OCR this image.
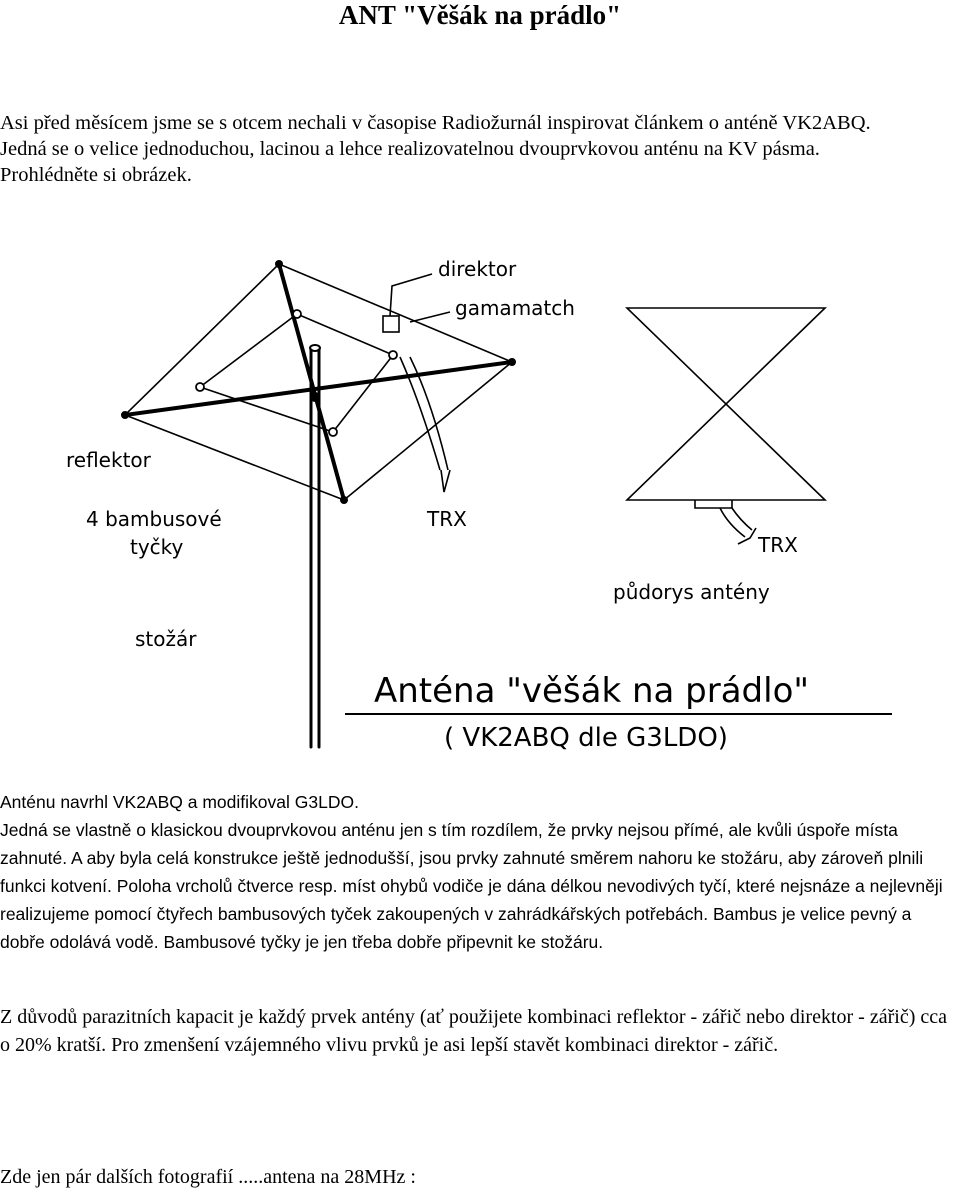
ANT "Věšák na prádlo"

Asi před měsícem jsme se s otcem nechali v časopise Radiožurnál inspirovat článkem o anténě VK2ABQ.

Jedná se o velice jednoduchou, lacinou a lehce realizovatelnou dvouprvkovou anténu na KV pásma.

Prohlédněte si obrázek.

direktor
gamamatch
reflektor
4 bambusové
tyčky
TRX
stožár
TRX
půdorys antény
Anténa "věšák na prádlo"
( VK2ABQ dle G3LDO)

Anténu navrhl VK2ABQ a modifikoval G3LDO.

Jedná se vlastně o klasickou dvouprvkovou anténu jen s tím rozdílem, že prvky nejsou přímé, ale kvůli úspoře místa zahnuté. A aby byla celá konstrukce ještě jednodušší, jsou prvky zahnuté směrem nahoru ke stožáru, aby zároveň plnili funkci kotvení. Poloha vrcholů čtverce resp. míst ohybů vodiče je dána délkou nevodivých tyčí, které nejsnáze a nejlevněji realizujeme pomocí čtyřech bambusových tyček zakoupených v zahrádkářských potřebách. Bambus je velice pevný a dobře odolává vodě. Bambusové tyčky je jen třeba dobře připevnit ke stožáru.

Z důvodů parazitních kapacit je každý prvek antény (ať použijete kombinaci reflektor - zářič nebo direktor - zářič) cca o 20% kratší. Pro zmenšení vzájemného vlivu prvků je asi lepší stavět kombinaci direktor - zářič.

Zde jen pár dalších fotografií .....antena na 28MHz :
